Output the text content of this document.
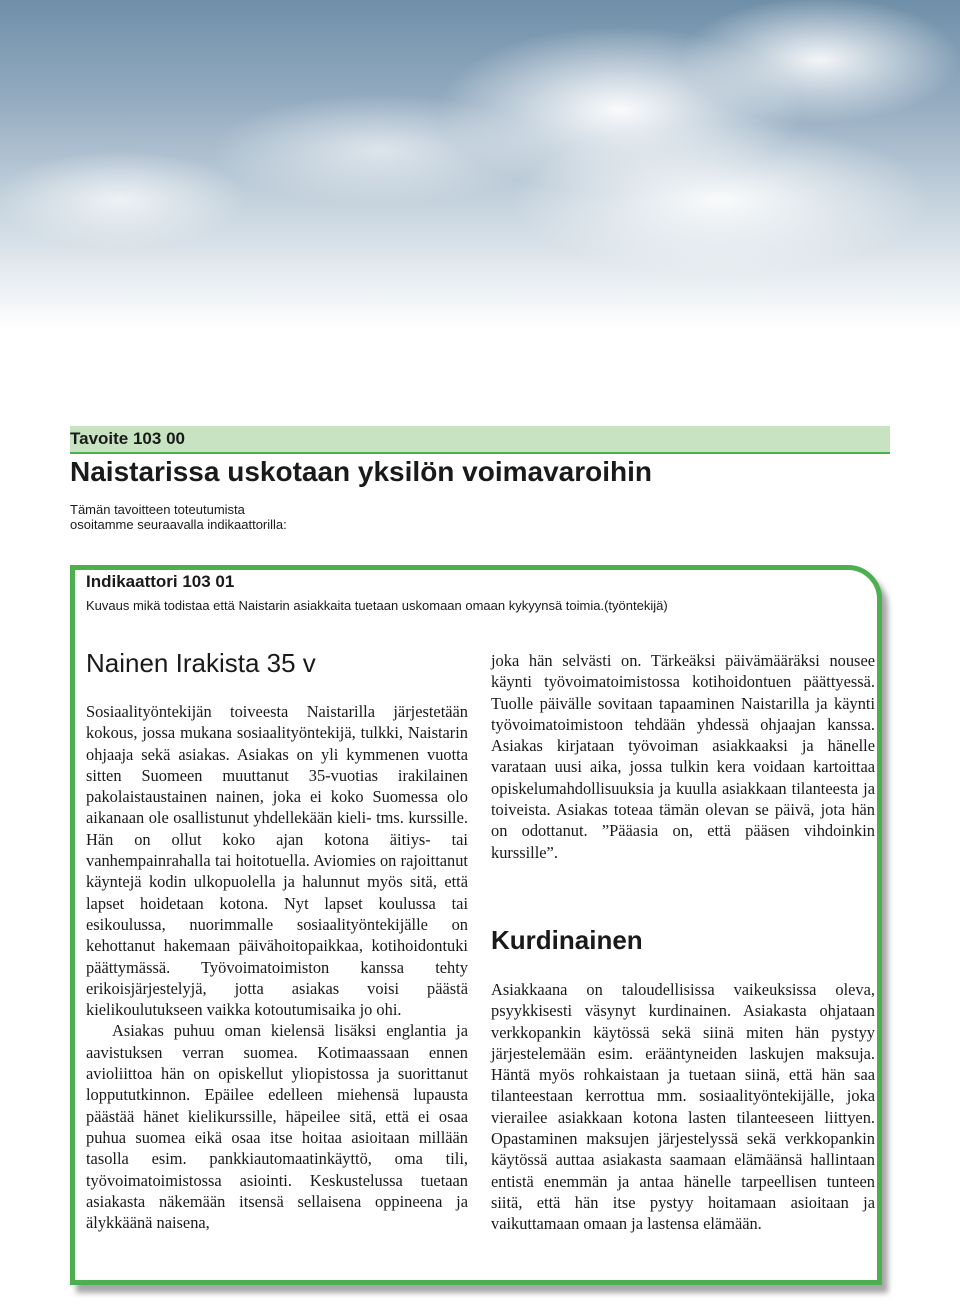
Tavoite 103 00
Naistarissa uskotaan yksilön voimavaroihin
Tämän tavoitteen toteutumista
osoitamme seuraavalla indikaattorilla:
Indikaattori 103 01
Kuvaus mikä todistaa että Naistarin asiakkaita tuetaan uskomaan omaan kykyynsä toimia.(työntekijä)
Nainen Irakista 35 v

Sosiaalityöntekijän toiveesta Naistarilla järjestetään kokous, jossa mukana sosiaalityöntekijä, tulkki, Naistarin ohjaaja sekä asiakas. Asiakas on yli kymmenen vuotta sitten Suomeen muuttanut 35-vuotias irakilainen pakolaistaustainen nainen, joka ei koko Suomessa olo aikanaan ole osallistunut yhdellekään kieli- tms. kurssille. Hän on ollut koko ajan kotona äitiys- tai vanhempainrahalla tai hoitotuella. Aviomies on rajoittanut käyntejä kodin ulkopuolella ja halunnut myös sitä, että lapset hoidetaan kotona. Nyt lapset koulussa tai esikoulussa, nuorimmalle sosiaalityöntekijälle on kehottanut hakemaan päivähoitopaikkaa, kotihoidontuki päättymässä. Työvoimatoimiston kanssa tehty erikoisjärjestelyjä, jotta asiakas voisi päästä kielikoulutukseen vaikka kotoutumisaika jo ohi.

Asiakas puhuu oman kielensä lisäksi englantia ja aavistuksen verran suomea. Kotimaassaan ennen avioliittoa hän on opiskellut yliopistossa ja suorittanut loppututkinnon. Epäilee edelleen miehensä lupausta päästää hänet kielikurssille, häpeilee sitä, että ei osaa puhua suomea eikä osaa itse hoitaa asioitaan millään tasolla esim. pankkiautomaatinkäyttö, oma tili, työvoimatoimistossa asiointi. Keskustelussa tuetaan asiakasta näkemään itsensä sellaisena oppineena ja älykkäänä naisena,

joka hän selvästi on. Tärkeäksi päivämääräksi nousee käynti työvoimatoimistossa kotihoidontuen päättyessä. Tuolle päivälle sovitaan tapaaminen Naistarilla ja käynti työvoimatoimistoon tehdään yhdessä ohjaajan kanssa. Asiakas kirjataan työvoiman asiakkaaksi ja hänelle varataan uusi aika, jossa tulkin kera voidaan kartoittaa opiskelumahdollisuuksia ja kuulla asiakkaan tilanteesta ja toiveista. Asiakas toteaa tämän olevan se päivä, jota hän on odottanut. ”Pääasia on, että pääsen vihdoinkin kurssille”.

Kurdinainen

Asiakkaana on taloudellisissa vaikeuksissa oleva, psyykkisesti väsynyt kurdinainen. Asiakasta ohjataan verkkopankin käytössä sekä siinä miten hän pystyy järjestelemään esim. erääntyneiden laskujen maksuja. Häntä myös rohkaistaan ja tuetaan siinä, että hän saa tilanteestaan kerrottua mm. sosiaalityöntekijälle, joka vierailee asiakkaan kotona lasten tilanteeseen liittyen. Opastaminen maksujen järjestelyssä sekä verkkopankin käytössä auttaa asiakasta saamaan elämäänsä hallintaan entistä enemmän ja antaa hänelle tarpeellisen tunteen siitä, että hän itse pystyy hoitamaan asioitaan ja vaikuttamaan omaan ja lastensa elämään.
